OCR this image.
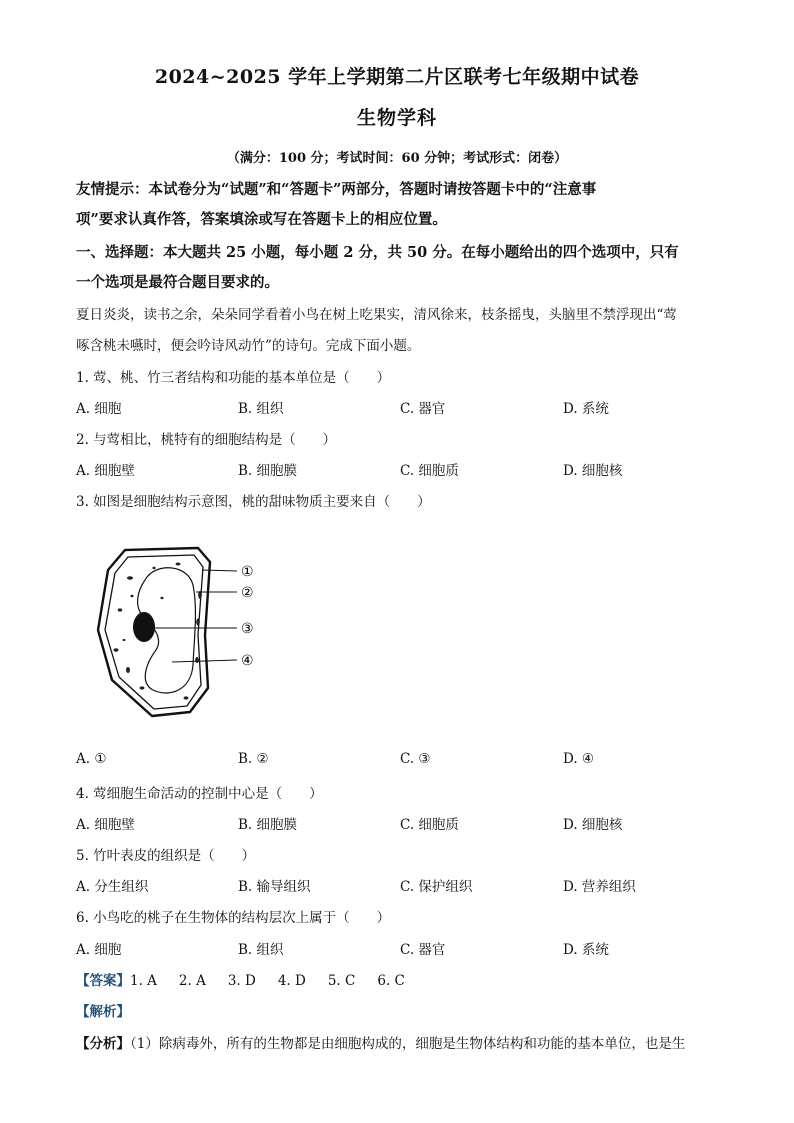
2024~2025 学年上学期第二片区联考七年级期中试卷
生物学科
（满分：100 分；考试时间：60 分钟；考试形式：闭卷）
友情提示：本试卷分为“试题”和“答题卡”两部分，答题时请按答题卡中的“注意事
项”要求认真作答，答案填涂或写在答题卡上的相应位置。
一、选择题：本大题共 25 小题，每小题 2 分，共 50 分。在每小题给出的四个选项中，只有
一个选项是最符合题目要求的。
夏日炎炎，读书之余，朵朵同学看着小鸟在树上吃果实，清风徐来，枝条摇曳，头脑里不禁浮现出“莺
啄含桃未嚥时，便会吟诗风动竹”的诗句。完成下面小题。
1. 莺、桃、竹三者结构和功能的基本单位是（　　）
A. 细胞	B. 组织	C. 器官	D. 系统
2. 与莺相比，桃特有的细胞结构是（　　）
A. 细胞壁	B. 细胞膜	C. 细胞质	D. 细胞核
3. 如图是细胞结构示意图，桃的甜味物质主要来自（　　）
①
②
③
④
A. ①	B. ②	C. ③	D. ④
4. 莺细胞生命活动的控制中心是（　　）
A. 细胞壁	B. 细胞膜	C. 细胞质	D. 细胞核
5. 竹叶表皮的组织是（　　）
A. 分生组织	B. 输导组织	C. 保护组织	D. 营养组织
6. 小鸟吃的桃子在生物体的结构层次上属于（　　）
A. 细胞	B. 组织	C. 器官	D. 系统
【答案】1. A 2. A 3. D 4. D 5. C 6. C
【解析】
【分析】（1）除病毒外，所有的生物都是由细胞构成的，细胞是生物体结构和功能的基本单位，也是生
